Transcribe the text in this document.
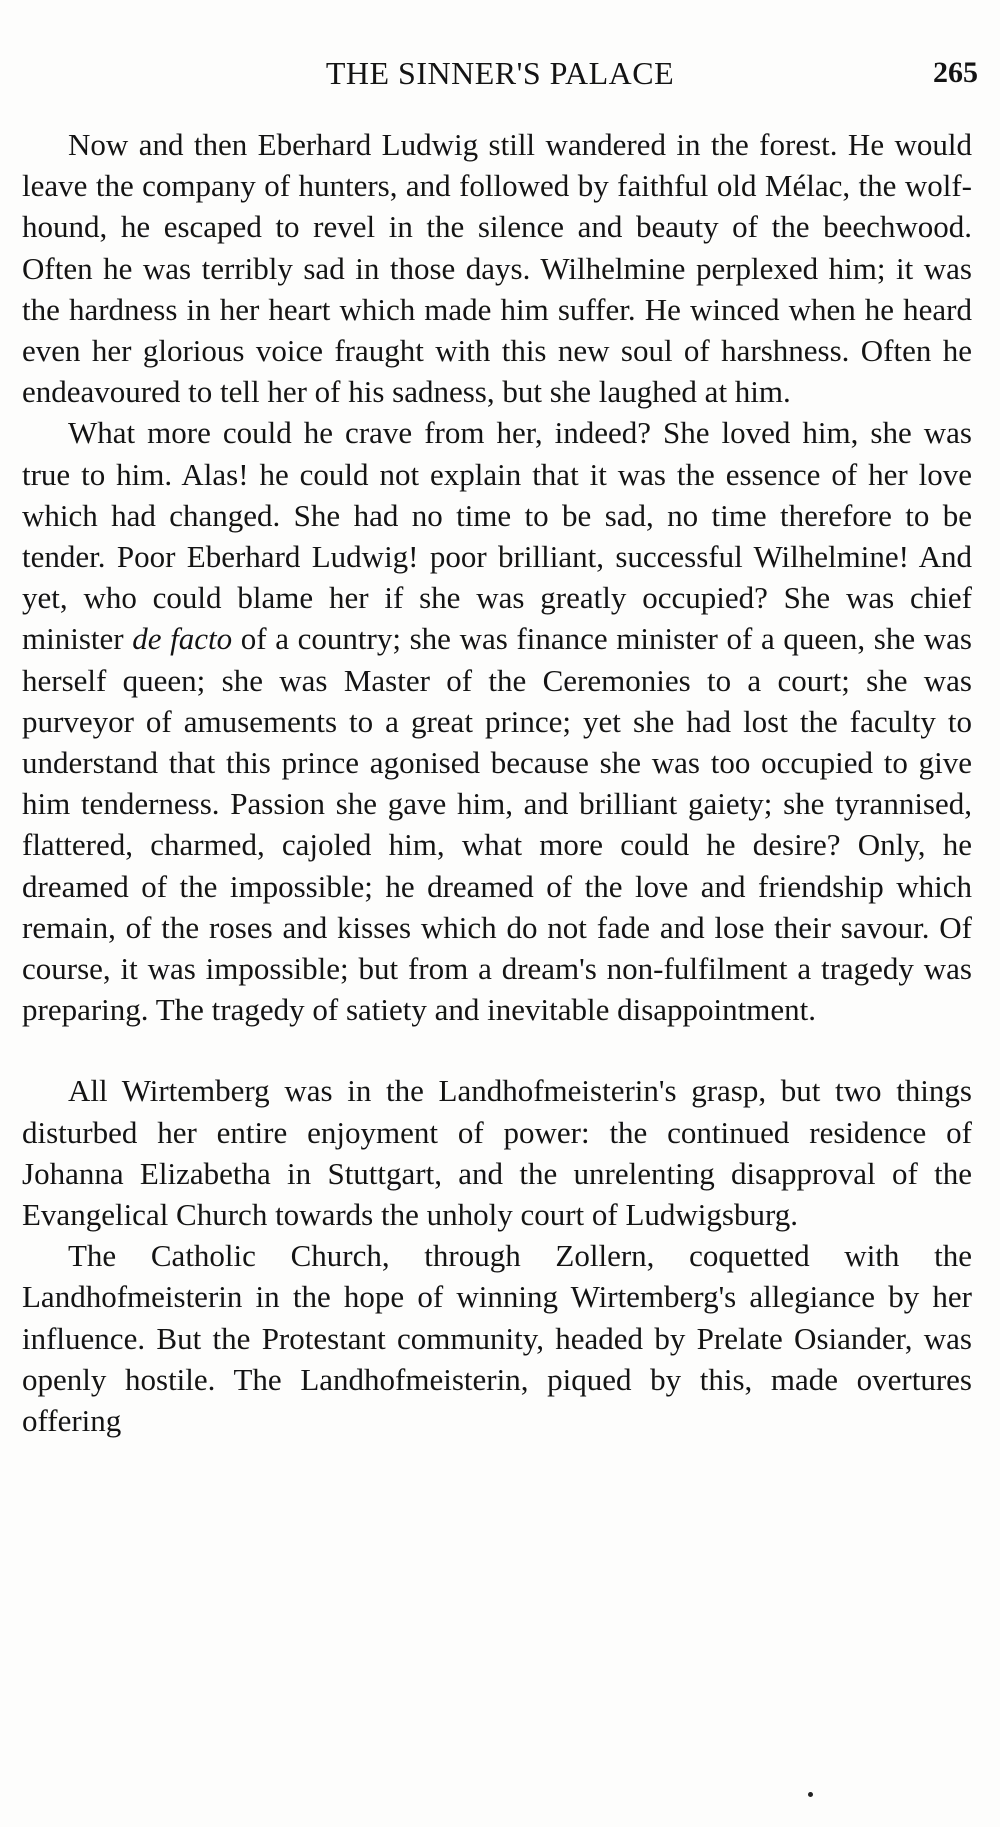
THE SINNER'S PALACE	265

Now and then Eberhard Ludwig still wandered in the forest. He would leave the company of hunters, and followed by faithful old Mélac, the wolf-hound, he escaped to revel in the silence and beauty of the beechwood. Often he was terribly sad in those days. Wilhelmine perplexed him; it was the hardness in her heart which made him suffer. He winced when he heard even her glorious voice fraught with this new soul of harshness. Often he endeavoured to tell her of his sadness, but she laughed at him.

What more could he crave from her, indeed? She loved him, she was true to him. Alas! he could not explain that it was the essence of her love which had changed. She had no time to be sad, no time therefore to be tender. Poor Eberhard Ludwig! poor brilliant, successful Wilhelmine! And yet, who could blame her if she was greatly occupied? She was chief minister de facto of a country; she was finance minister of a queen, she was herself queen; she was Master of the Ceremonies to a court; she was purveyor of amusements to a great prince; yet she had lost the faculty to understand that this prince agonised because she was too occupied to give him tenderness. Passion she gave him, and brilliant gaiety; she tyrannised, flattered, charmed, cajoled him, what more could he desire? Only, he dreamed of the impossible; he dreamed of the love and friendship which remain, of the roses and kisses which do not fade and lose their savour. Of course, it was impossible; but from a dream's non-fulfilment a tragedy was preparing. The tragedy of satiety and inevitable disappointment.

All Wirtemberg was in the Landhofmeisterin's grasp, but two things disturbed her entire enjoyment of power: the continued residence of Johanna Elizabetha in Stuttgart, and the unrelenting disapproval of the Evangelical Church towards the unholy court of Ludwigsburg.

The Catholic Church, through Zollern, coquetted with the Landhofmeisterin in the hope of winning Wirtemberg's allegiance by her influence. But the Protestant community, headed by Prelate Osiander, was openly hostile. The Landhofmeisterin, piqued by this, made overtures offering
